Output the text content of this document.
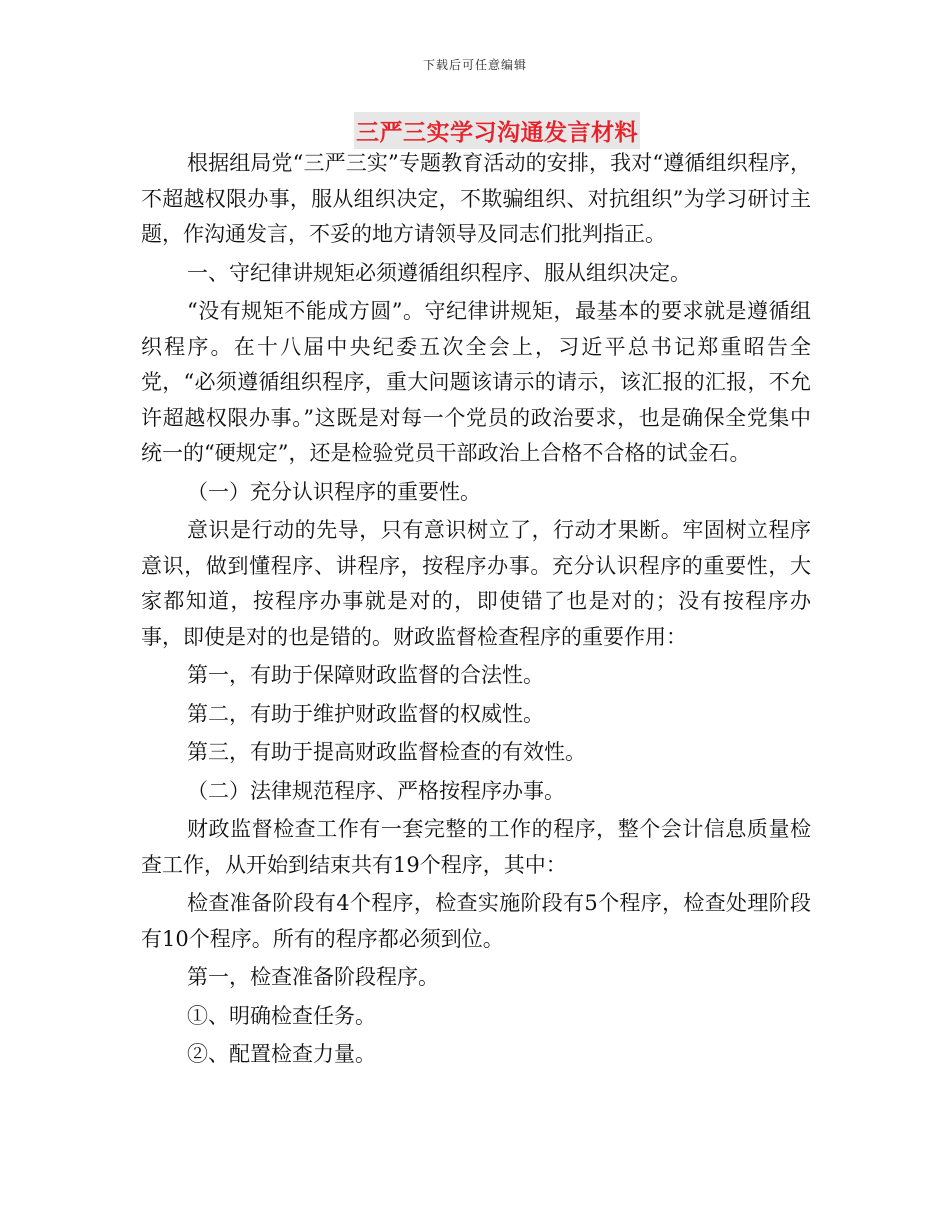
下载后可任意编辑
三严三实学习沟通发言材料

根据组局党“三严三实”专题教育活动的安排，我对“遵循组织程序，不超越权限办事，服从组织决定，不欺骗组织、对抗组织”为学习研讨主题，作沟通发言，不妥的地方请领导及同志们批判指正。

一、守纪律讲规矩必须遵循组织程序、服从组织决定。

“没有规矩不能成方圆”。守纪律讲规矩，最基本的要求就是遵循组织程序。在十八届中央纪委五次全会上，习近平总书记郑重昭告全党，“必须遵循组织程序，重大问题该请示的请示，该汇报的汇报，不允许超越权限办事。”这既是对每一个党员的政治要求，也是确保全党集中统一的“硬规定”，还是检验党员干部政治上合格不合格的试金石。

（一）充分认识程序的重要性。

意识是行动的先导，只有意识树立了，行动才果断。牢固树立程序意识，做到懂程序、讲程序，按程序办事。充分认识程序的重要性，大家都知道，按程序办事就是对的，即使错了也是对的；没有按程序办事，即使是对的也是错的。财政监督检查程序的重要作用：

第一，有助于保障财政监督的合法性。

第二，有助于维护财政监督的权威性。

第三，有助于提高财政监督检查的有效性。

（二）法律规范程序、严格按程序办事。

财政监督检查工作有一套完整的工作的程序，整个会计信息质量检查工作，从开始到结束共有19个程序，其中：

检查准备阶段有4个程序，检查实施阶段有5个程序，检查处理阶段有10个程序。所有的程序都必须到位。

第一，检查准备阶段程序。

①、明确检查任务。

②、配置检查力量。
